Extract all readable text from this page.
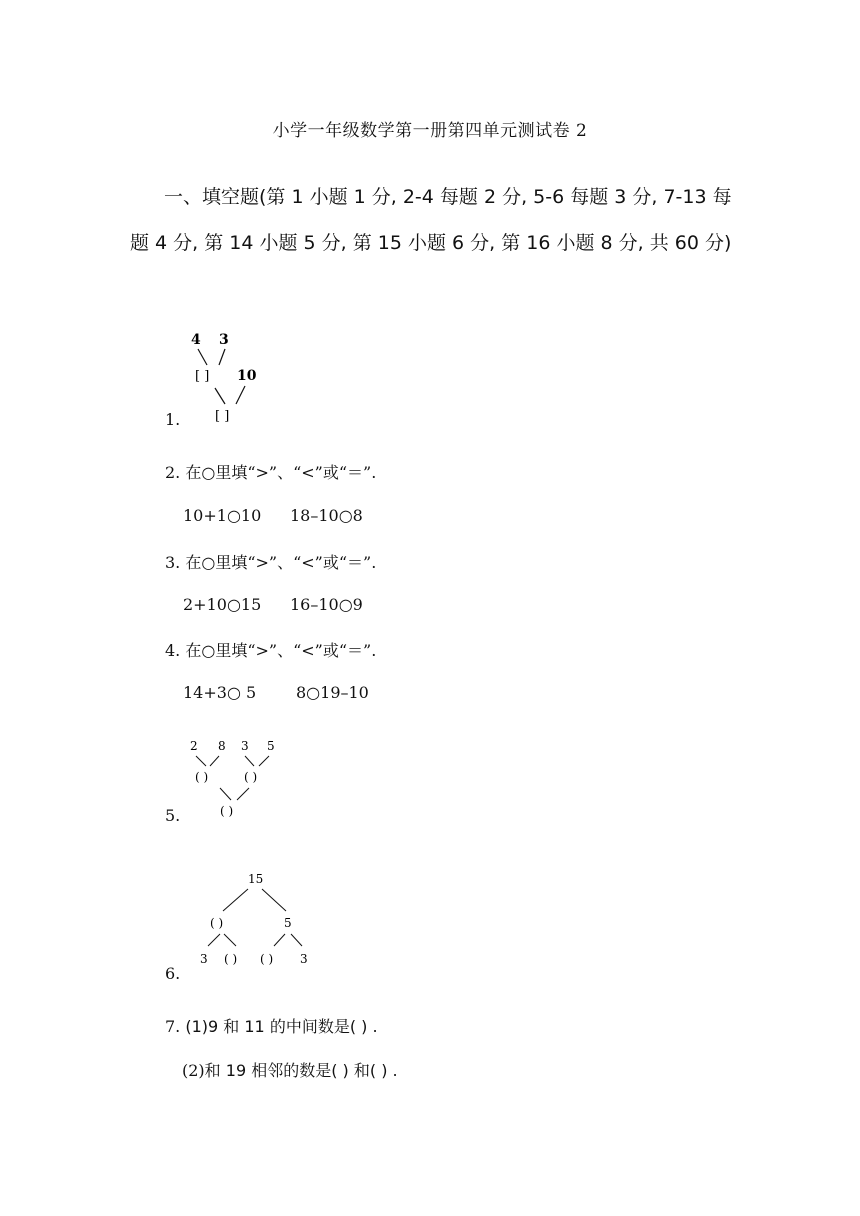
小学一年级数学第一册第四单元测试卷 2
一、填空题(第 1 小题 1 分, 2-4 每题 2 分, 5-6 每题 3 分, 7-13 每题 4 分, 第 14 小题 5 分, 第 15 小题 6 分, 第 16 小题 8 分, 共 60 分)
1.
4 3
[ ] 10
[ ]
2. 在○里填“>”、“<”或“＝”.
10+1○10 18–10○8
3. 在○里填“>”、“<”或“＝”.
2+10○15 16–10○9
4. 在○里填“>”、“<”或“＝”.
14+3○ 5 8○19–10
5.
2 8 3 5
( )	( )
( )
6.
15
( )	5
3 ( ) ( ) 3
7. (1)9 和 11 的中间数是( ) .
(2)和 19 相邻的数是( ) 和( ) .
